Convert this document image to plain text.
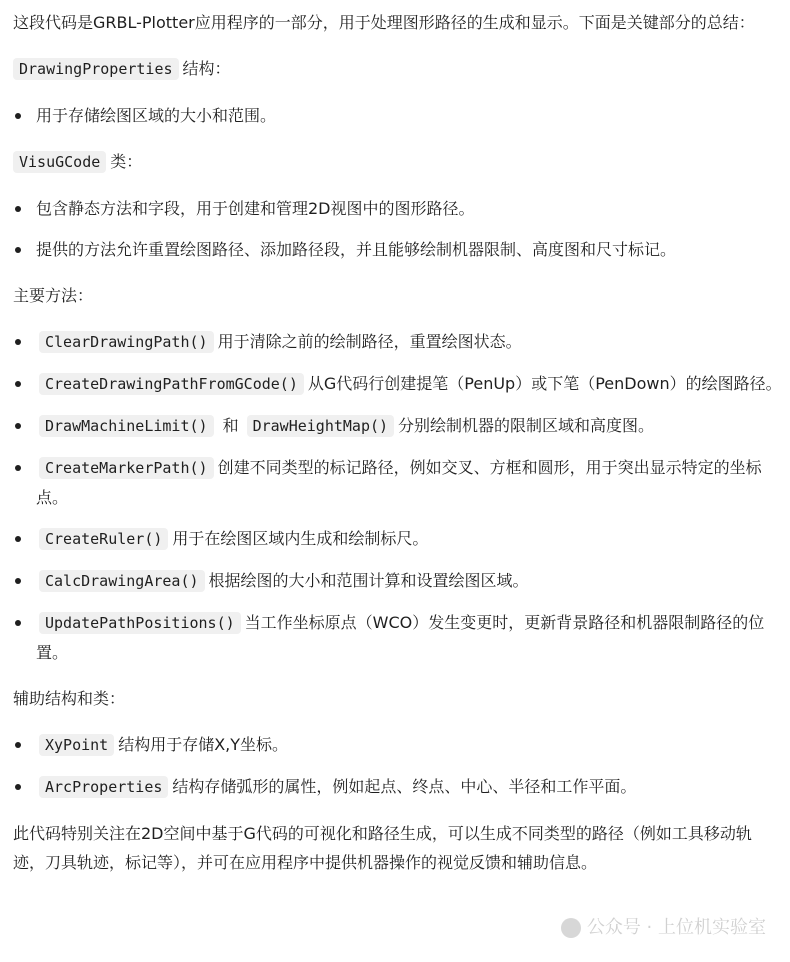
这段代码是GRBL-Plotter应用程序的一部分，用于处理图形路径的生成和显示。下面是关键部分的总结：

DrawingProperties 结构：

用于存储绘图区域的大小和范围。

VisuGCode 类：

包含静态方法和字段，用于创建和管理2D视图中的图形路径。
提供的方法允许重置绘图路径、添加路径段，并且能够绘制机器限制、高度图和尺寸标记。

主要方法：

ClearDrawingPath() 用于清除之前的绘制路径，重置绘图状态。
CreateDrawingPathFromGCode() 从G代码行创建提笔（PenUp）或下笔（PenDown）的绘图路径。
DrawMachineLimit() 和 DrawHeightMap() 分别绘制机器的限制区域和高度图。
CreateMarkerPath() 创建不同类型的标记路径，例如交叉、方框和圆形，用于突出显示特定的坐标点。
CreateRuler() 用于在绘图区域内生成和绘制标尺。
CalcDrawingArea() 根据绘图的大小和范围计算和设置绘图区域。
UpdatePathPositions() 当工作坐标原点（WCO）发生变更时，更新背景路径和机器限制路径的位置。

辅助结构和类：

XyPoint 结构用于存储X,Y坐标。
ArcProperties 结构存储弧形的属性，例如起点、终点、中心、半径和工作平面。

此代码特别关注在2D空间中基于G代码的可视化和路径生成，可以生成不同类型的路径（例如工具移动轨迹，刀具轨迹，标记等），并可在应用程序中提供机器操作的视觉反馈和辅助信息。

公众号 · 上位机实验室
